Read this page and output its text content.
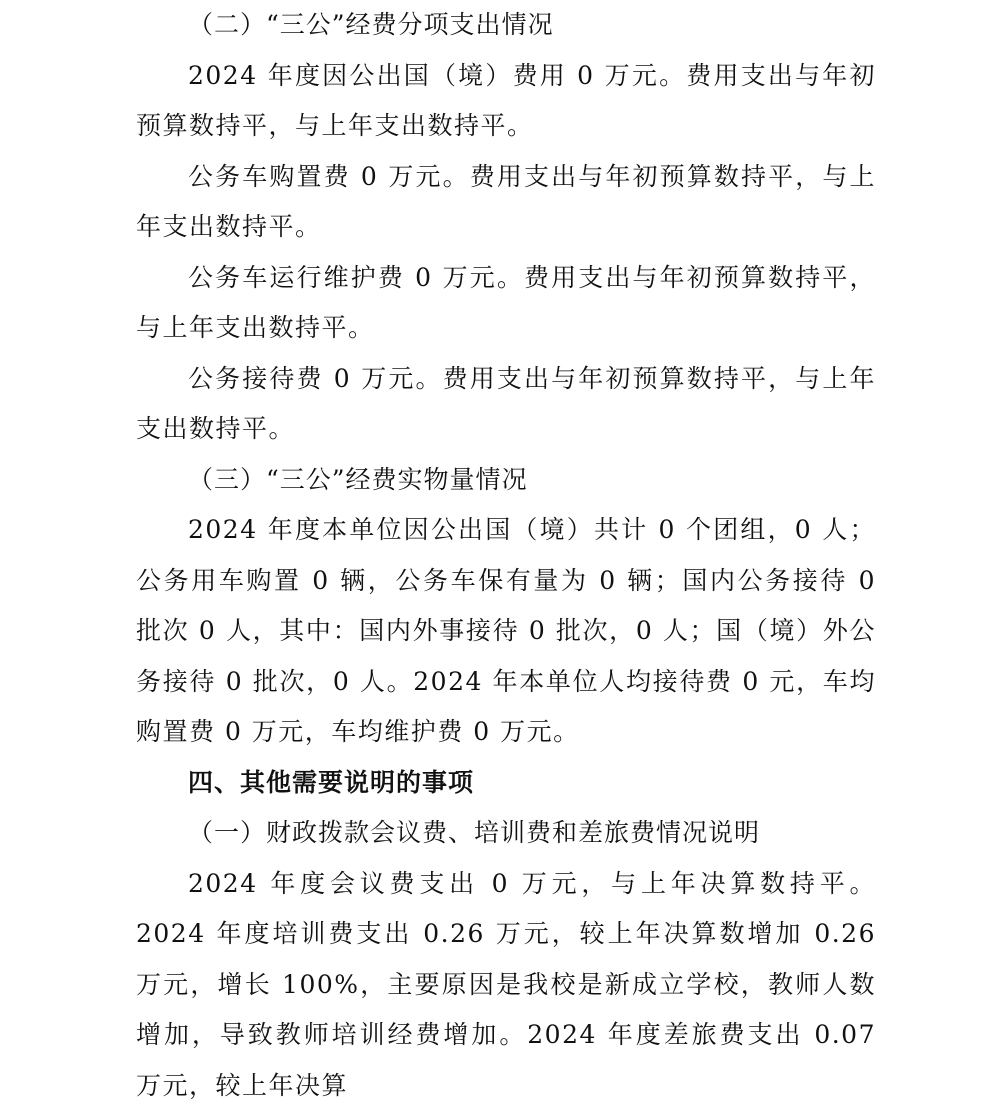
（二）“三公”经费分项支出情况

2024 年度因公出国（境）费用 0 万元。费用支出与年初预算数持平，与上年支出数持平。

公务车购置费 0 万元。费用支出与年初预算数持平，与上年支出数持平。

公务车运行维护费 0 万元。费用支出与年初预算数持平，与上年支出数持平。

公务接待费 0 万元。费用支出与年初预算数持平，与上年支出数持平。

（三）“三公”经费实物量情况

2024 年度本单位因公出国（境）共计 0 个团组，0 人；公务用车购置 0 辆，公务车保有量为 0 辆；国内公务接待 0 批次 0 人，其中：国内外事接待 0 批次，0 人；国（境）外公务接待 0 批次，0 人。2024 年本单位人均接待费 0 元，车均购置费 0 万元，车均维护费 0 万元。

四、其他需要说明的事项

（一）财政拨款会议费、培训费和差旅费情况说明

2024 年度会议费支出 0 万元，与上年决算数持平。2024 年度培训费支出 0.26 万元，较上年决算数增加 0.26 万元，增长 100%，主要原因是我校是新成立学校，教师人数增加，导致教师培训经费增加。2024 年度差旅费支出 0.07 万元，较上年决算
